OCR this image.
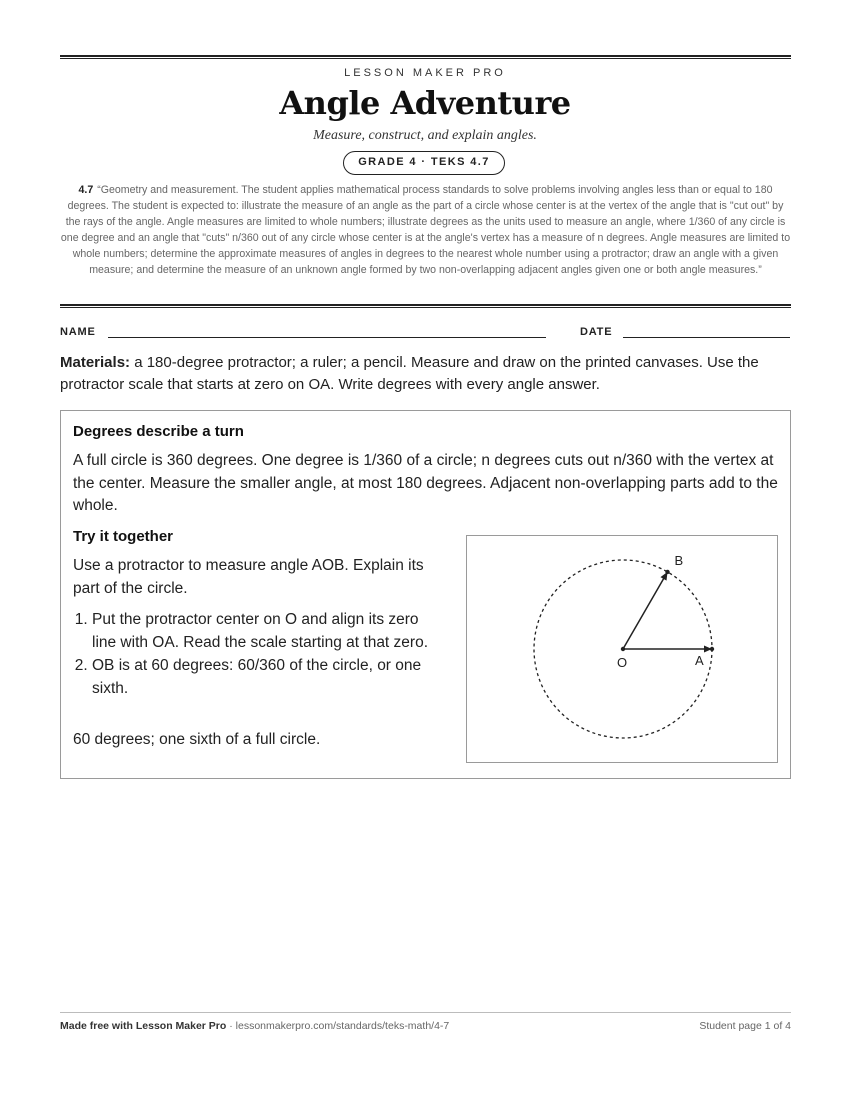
LESSON MAKER PRO
Angle Adventure
Measure, construct, and explain angles.
GRADE 4 · TEKS 4.7
4.7 “Geometry and measurement. The student applies mathematical process standards to solve problems involving angles less than or equal to 180 degrees. The student is expected to: illustrate the measure of an angle as the part of a circle whose center is at the vertex of the angle that is "cut out" by the rays of the angle. Angle measures are limited to whole numbers; illustrate degrees as the units used to measure an angle, where 1/360 of any circle is one degree and an angle that "cuts" n/360 out of any circle whose center is at the angle's vertex has a measure of n degrees. Angle measures are limited to whole numbers; determine the approximate measures of angles in degrees to the nearest whole number using a protractor; draw an angle with a given measure; and determine the measure of an unknown angle formed by two non-overlapping adjacent angles given one or both angle measures.”
NAME	DATE
Materials: a 180-degree protractor; a ruler; a pencil. Measure and draw on the printed canvases. Use the protractor scale that starts at zero on OA. Write degrees with every angle answer.
Degrees describe a turn
A full circle is 360 degrees. One degree is 1/360 of a circle; n degrees cuts out n/360 with the vertex at the center. Measure the smaller angle, at most 180 degrees. Adjacent non-overlapping parts add to the whole.
Try it together
Use a protractor to measure angle AOB. Explain its part of the circle.
1. Put the protractor center on O and align its zero line with OA. Read the scale starting at that zero.
2. OB is at 60 degrees: 60/360 of the circle, or one sixth.
60 degrees; one sixth of a full circle.
O	A
B
Made free with Lesson Maker Pro · lessonmakerpro.com/standards/teks-math/4-7	Student page 1 of 4
